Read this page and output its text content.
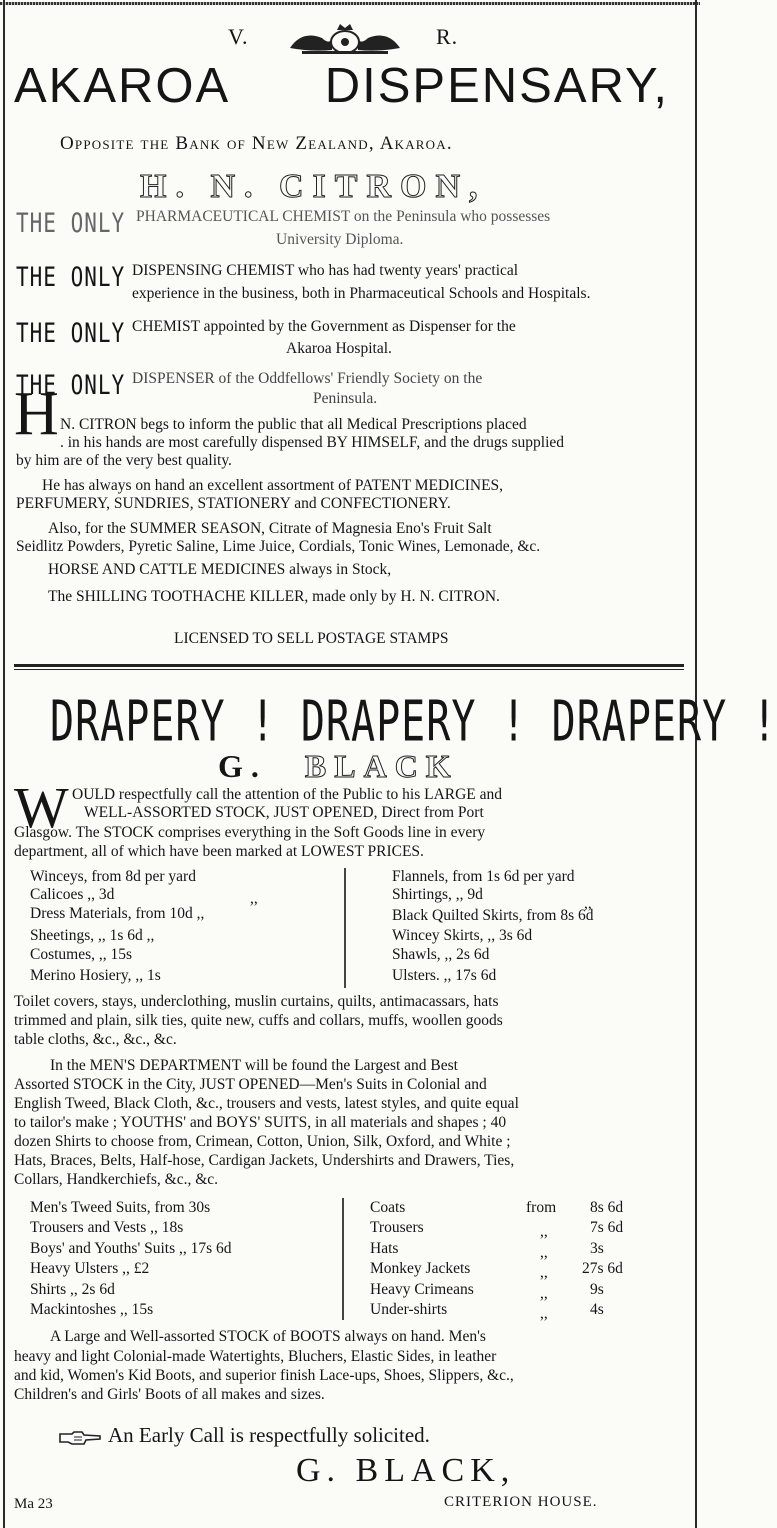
V.	R.
AKAROA DISPENSARY,
Opposite the Bank of New Zealand, Akaroa.
H. N. CITRON,
THE ONLY PHARMACEUTICAL CHEMIST on the Peninsula who possesses
University Diploma.
THE ONLY DISPENSING CHEMIST who has had twenty years' practical
experience in the business, both in Pharmaceutical Schools and Hospitals.
THE ONLY CHEMIST appointed by the Government as Dispenser for the
Akaroa Hospital.
THE ONLY DISPENSER of the Oddfellows' Friendly Society on the
Peninsula.
H N. CITRON begs to inform the public that all Medical Prescriptions placed
. in his hands are most carefully dispensed BY HIMSELF, and the drugs supplied
by him are of the very best quality.
He has always on hand an excellent assortment of PATENT MEDICINES,
PERFUMERY, SUNDRIES, STATIONERY and CONFECTIONERY.
Also, for the SUMMER SEASON, Citrate of Magnesia Eno's Fruit Salt
Seidlitz Powders, Pyretic Saline, Lime Juice, Cordials, Tonic Wines, Lemonade, &c.
HORSE AND CATTLE MEDICINES always in Stock,
The SHILLING TOOTHACHE KILLER, made only by H. N. CITRON.
LICENSED TO SELL POSTAGE STAMPS
DRAPERY ! DRAPERY ! DRAPERY !
G. BLACK
W OULD respectfully call the attention of the Public to his LARGE and
WELL-ASSORTED STOCK, JUST OPENED, Direct from Port
Glasgow. The STOCK comprises everything in the Soft Goods line in every
department, all of which have been marked at LOWEST PRICES.
Winceys, from 8d per yard
Calicoes ,, 3d	,,
Dress Materials, from 10d ,,
Sheetings, ,, 1s 6d ,,
Costumes, ,, 15s
Merino Hosiery, ,, 1s
Flannels, from 1s 6d per yard
Shirtings, ,, 9d
,,
Black Quilted Skirts, from 8s 6d
Wincey Skirts, ,, 3s 6d
Shawls, ,, 2s 6d
Ulsters. ,, 17s 6d
Toilet covers, stays, underclothing, muslin curtains, quilts, antimacassars, hats
trimmed and plain, silk ties, quite new, cuffs and collars, muffs, woollen goods
table cloths, &c., &c., &c.
In the MEN'S DEPARTMENT will be found the Largest and Best
Assorted STOCK in the City, JUST OPENED—Men's Suits in Colonial and
English Tweed, Black Cloth, &c., trousers and vests, latest styles, and quite equal
to tailor's make ; YOUTHS' and BOYS' SUITS, in all materials and shapes ; 40
dozen Shirts to choose from, Crimean, Cotton, Union, Silk, Oxford, and White ;
Hats, Braces, Belts, Half-hose, Cardigan Jackets, Undershirts and Drawers, Ties,
Collars, Handkerchiefs, &c., &c.
Men's Tweed Suits, from 30s
Trousers and Vests ,, 18s
Boys' and Youths' Suits ,, 17s 6d
Heavy Ulsters ,, £2
Shirts ,, 2s 6d
Mackintoshes ,, 15s
Coats	from 8s 6d
Trousers	,,	7s 6d
Hats	,,	3s
Monkey Jackets	,, 27s 6d
Heavy Crimeans	,,	9s
Under-shirts	,,	4s
A Large and Well-assorted STOCK of BOOTS always on hand. Men's
heavy and light Colonial-made Watertights, Bluchers, Elastic Sides, in leather
and kid, Women's Kid Boots, and superior finish Lace-ups, Shoes, Slippers, &c.,
Children's and Girls' Boots of all makes and sizes.
An Early Call is respectfully solicited.
G. BLACK,
Ma 23	CRITERION HOUSE.
